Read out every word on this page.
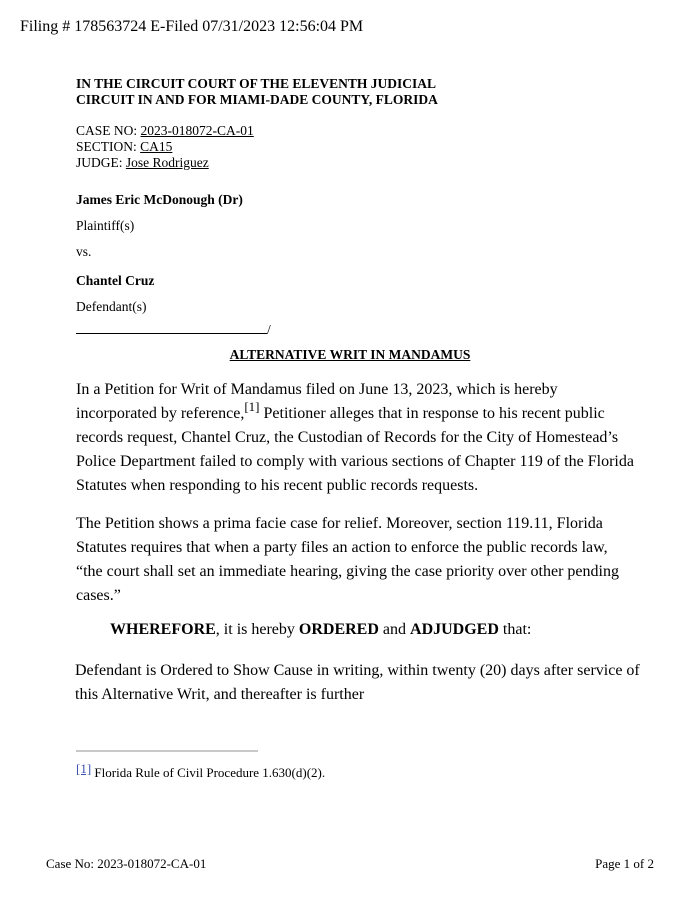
Filing # 178563724 E-Filed 07/31/2023 12:56:04 PM
IN THE CIRCUIT COURT OF THE ELEVENTH JUDICIAL
CIRCUIT IN AND FOR MIAMI-DADE COUNTY, FLORIDA
CASE NO: 2023-018072-CA-01
SECTION: CA15
JUDGE: Jose Rodriguez
James Eric McDonough (Dr)
Plaintiff(s)
vs.
Chantel Cruz
Defendant(s)
/
ALTERNATIVE WRIT IN MANDAMUS
In a Petition for Writ of Mandamus filed on June 13, 2023, which is hereby incorporated by reference,[1] Petitioner alleges that in response to his recent public records request, Chantel Cruz, the Custodian of Records for the City of Homestead’s Police Department failed to comply with various sections of Chapter 119 of the Florida Statutes when responding to his recent public records requests.
The Petition shows a prima facie case for relief. Moreover, section 119.11, Florida Statutes requires that when a party files an action to enforce the public records law, “the court shall set an immediate hearing, giving the case priority over other pending cases.”
WHEREFORE, it is hereby ORDERED and ADJUDGED that:
Defendant is Ordered to Show Cause in writing, within twenty (20) days after service of this Alternative Writ, and thereafter is further
[1] Florida Rule of Civil Procedure 1.630(d)(2).
Case No: 2023-018072-CA-01	Page 1 of 2
